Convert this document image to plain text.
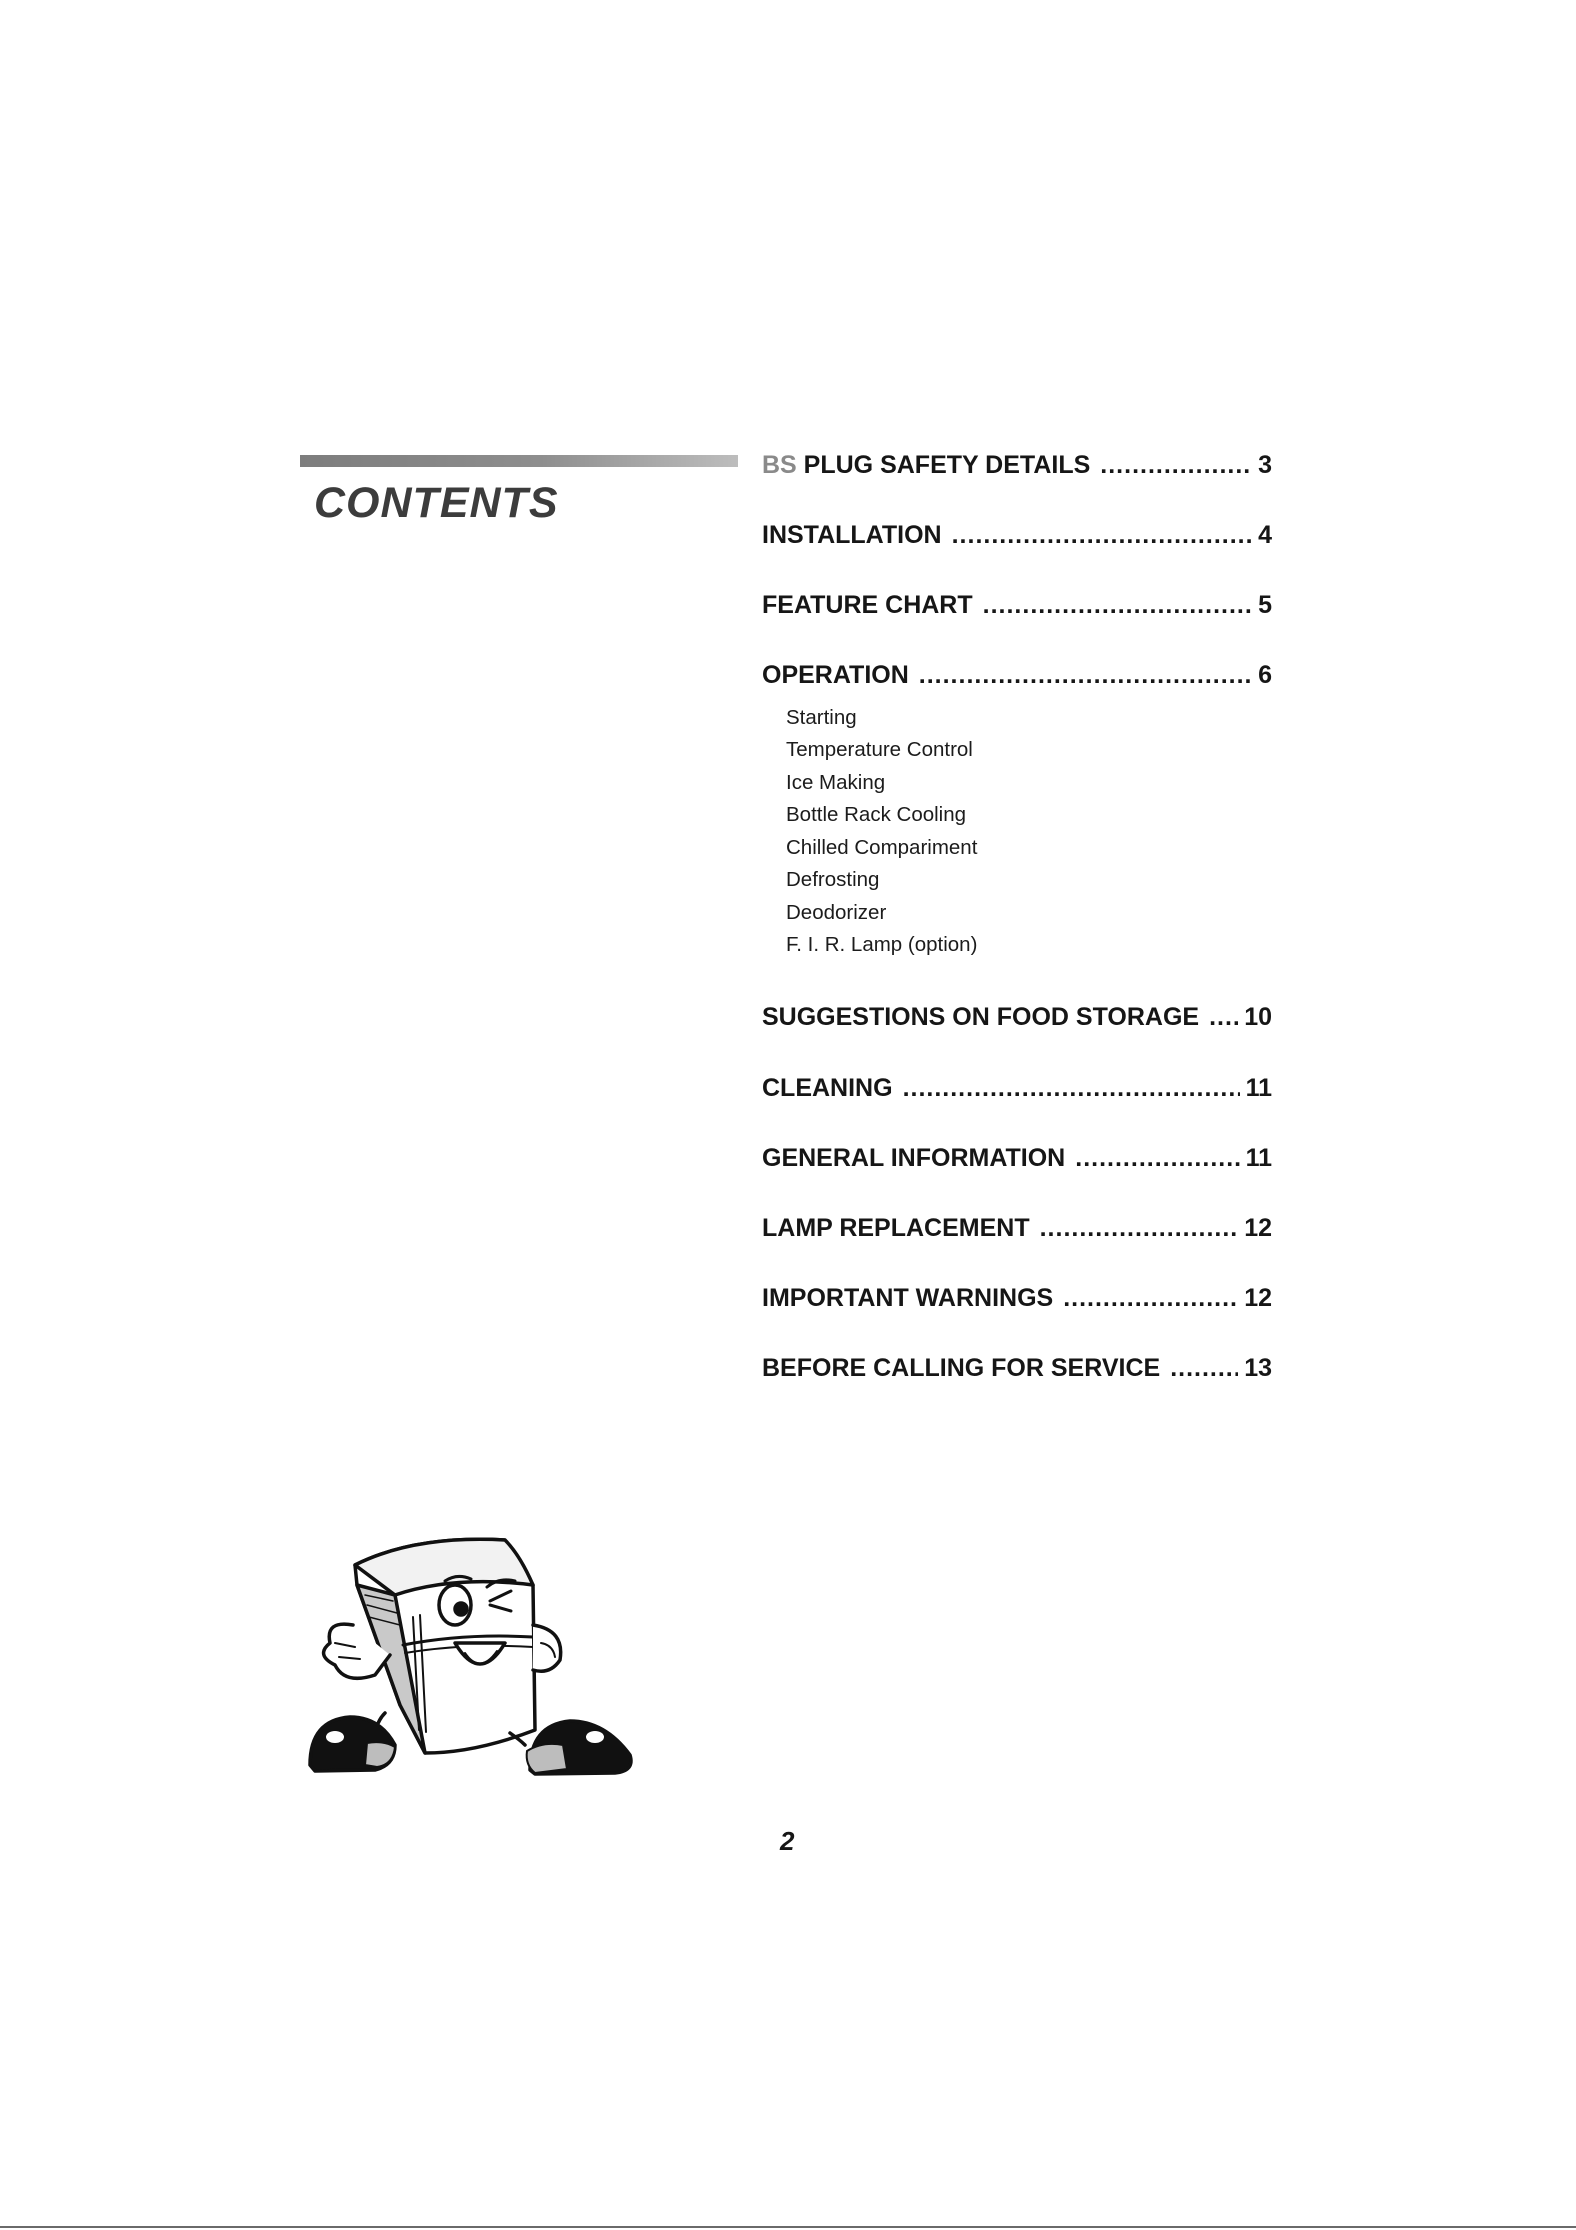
CONTENTS
BS PLUG SAFETY DETAILS .....	3
INSTALLATION .....	4
FEATURE CHART .....	5
OPERATION .....	6
Starting
Temperature Control
Ice Making
Bottle Rack Cooling
Chilled Compariment
Defrosting
Deodorizer
F. I. R. Lamp (option)
SUGGESTIONS ON FOOD STORAGE ..... 10
CLEANING .....	11
GENERAL INFORMATION .....	11
LAMP REPLACEMENT .....	12
IMPORTANT WARNINGS .....	12
BEFORE CALLING FOR SERVICE .....	13
2
